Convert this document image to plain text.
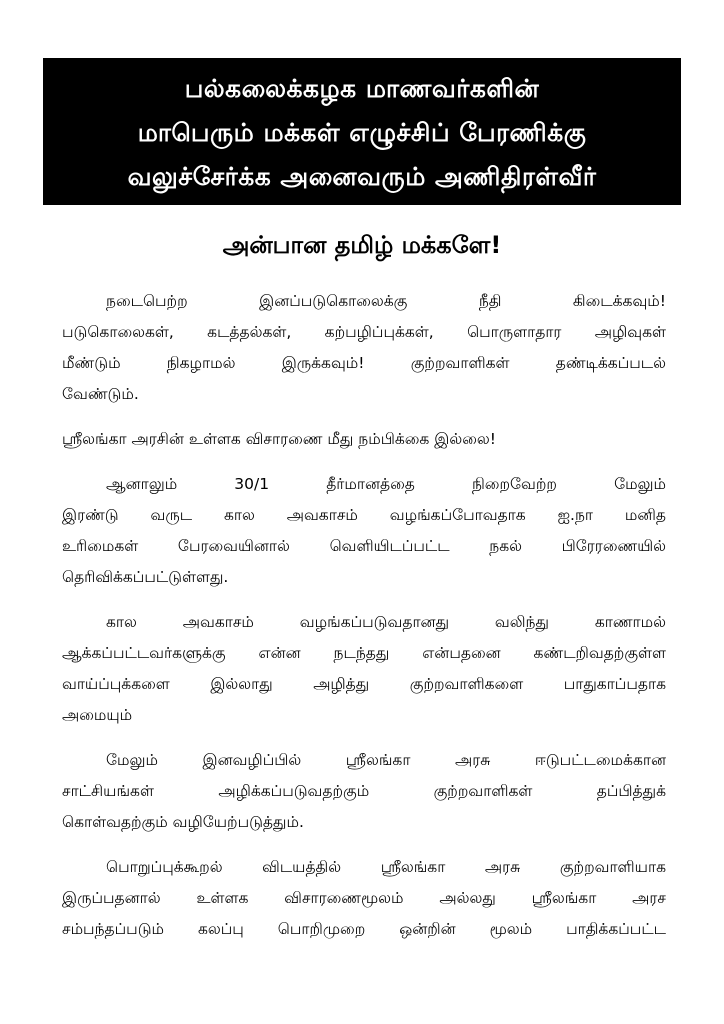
பல்கலைக்கழக மாணவர்களின்
மாபெரும் மக்கள் எழுச்சிப் பேரணிக்கு
வலுச்சேர்க்க அனைவரும் அணிதிரள்வீர்
அன்பான தமிழ் மக்களே!

நடைபெற்ற இனப்படுகொலைக்கு நீதி கிடைக்கவும்!
படுகொலைகள், கடத்தல்கள், கற்பழிப்புக்கள், பொருளாதார அழிவுகள்
மீண்டும் நிகழாமல் இருக்கவும்! குற்றவாளிகள் தண்டிக்கப்படல்
வேண்டும்.

ஸ்ரீலங்கா அரசின் உள்ளக விசாரணை மீது நம்பிக்கை இல்லை!

ஆனாலும் 30/1 தீர்மானத்தை நிறைவேற்ற மேலும்
இரண்டு வருட கால அவகாசம் வழங்கப்போவதாக ஐ.நா மனித
உரிமைகள் பேரவையினால் வெளியிடப்பட்ட நகல் பிரேரணையில்
தெரிவிக்கப்பட்டுள்ளது.

கால அவகாசம் வழங்கப்படுவதானது வலிந்து காணாமல்
ஆக்கப்பட்டவர்களுக்கு என்ன நடந்தது என்பதனை கண்டறிவதற்குள்ள
வாய்ப்புக்களை இல்லாது அழித்து குற்றவாளிகளை பாதுகாப்பதாக
அமையும்

மேலும் இனவழிப்பில் ஸ்ரீலங்கா அரசு ஈடுபட்டமைக்கான
சாட்சியங்கள் அழிக்கப்படுவதற்கும் குற்றவாளிகள் தப்பித்துக்
கொள்வதற்கும் வழியேற்படுத்தும்.

பொறுப்புக்கூறல் விடயத்தில் ஸ்ரீலங்கா அரசு குற்றவாளியாக
இருப்பதனால் உள்ளக விசாரணைமூலம் அல்லது ஸ்ரீலங்கா அரச
சம்பந்தப்படும் கலப்பு பொறிமுறை ஒன்றின் மூலம் பாதிக்கப்பட்ட
